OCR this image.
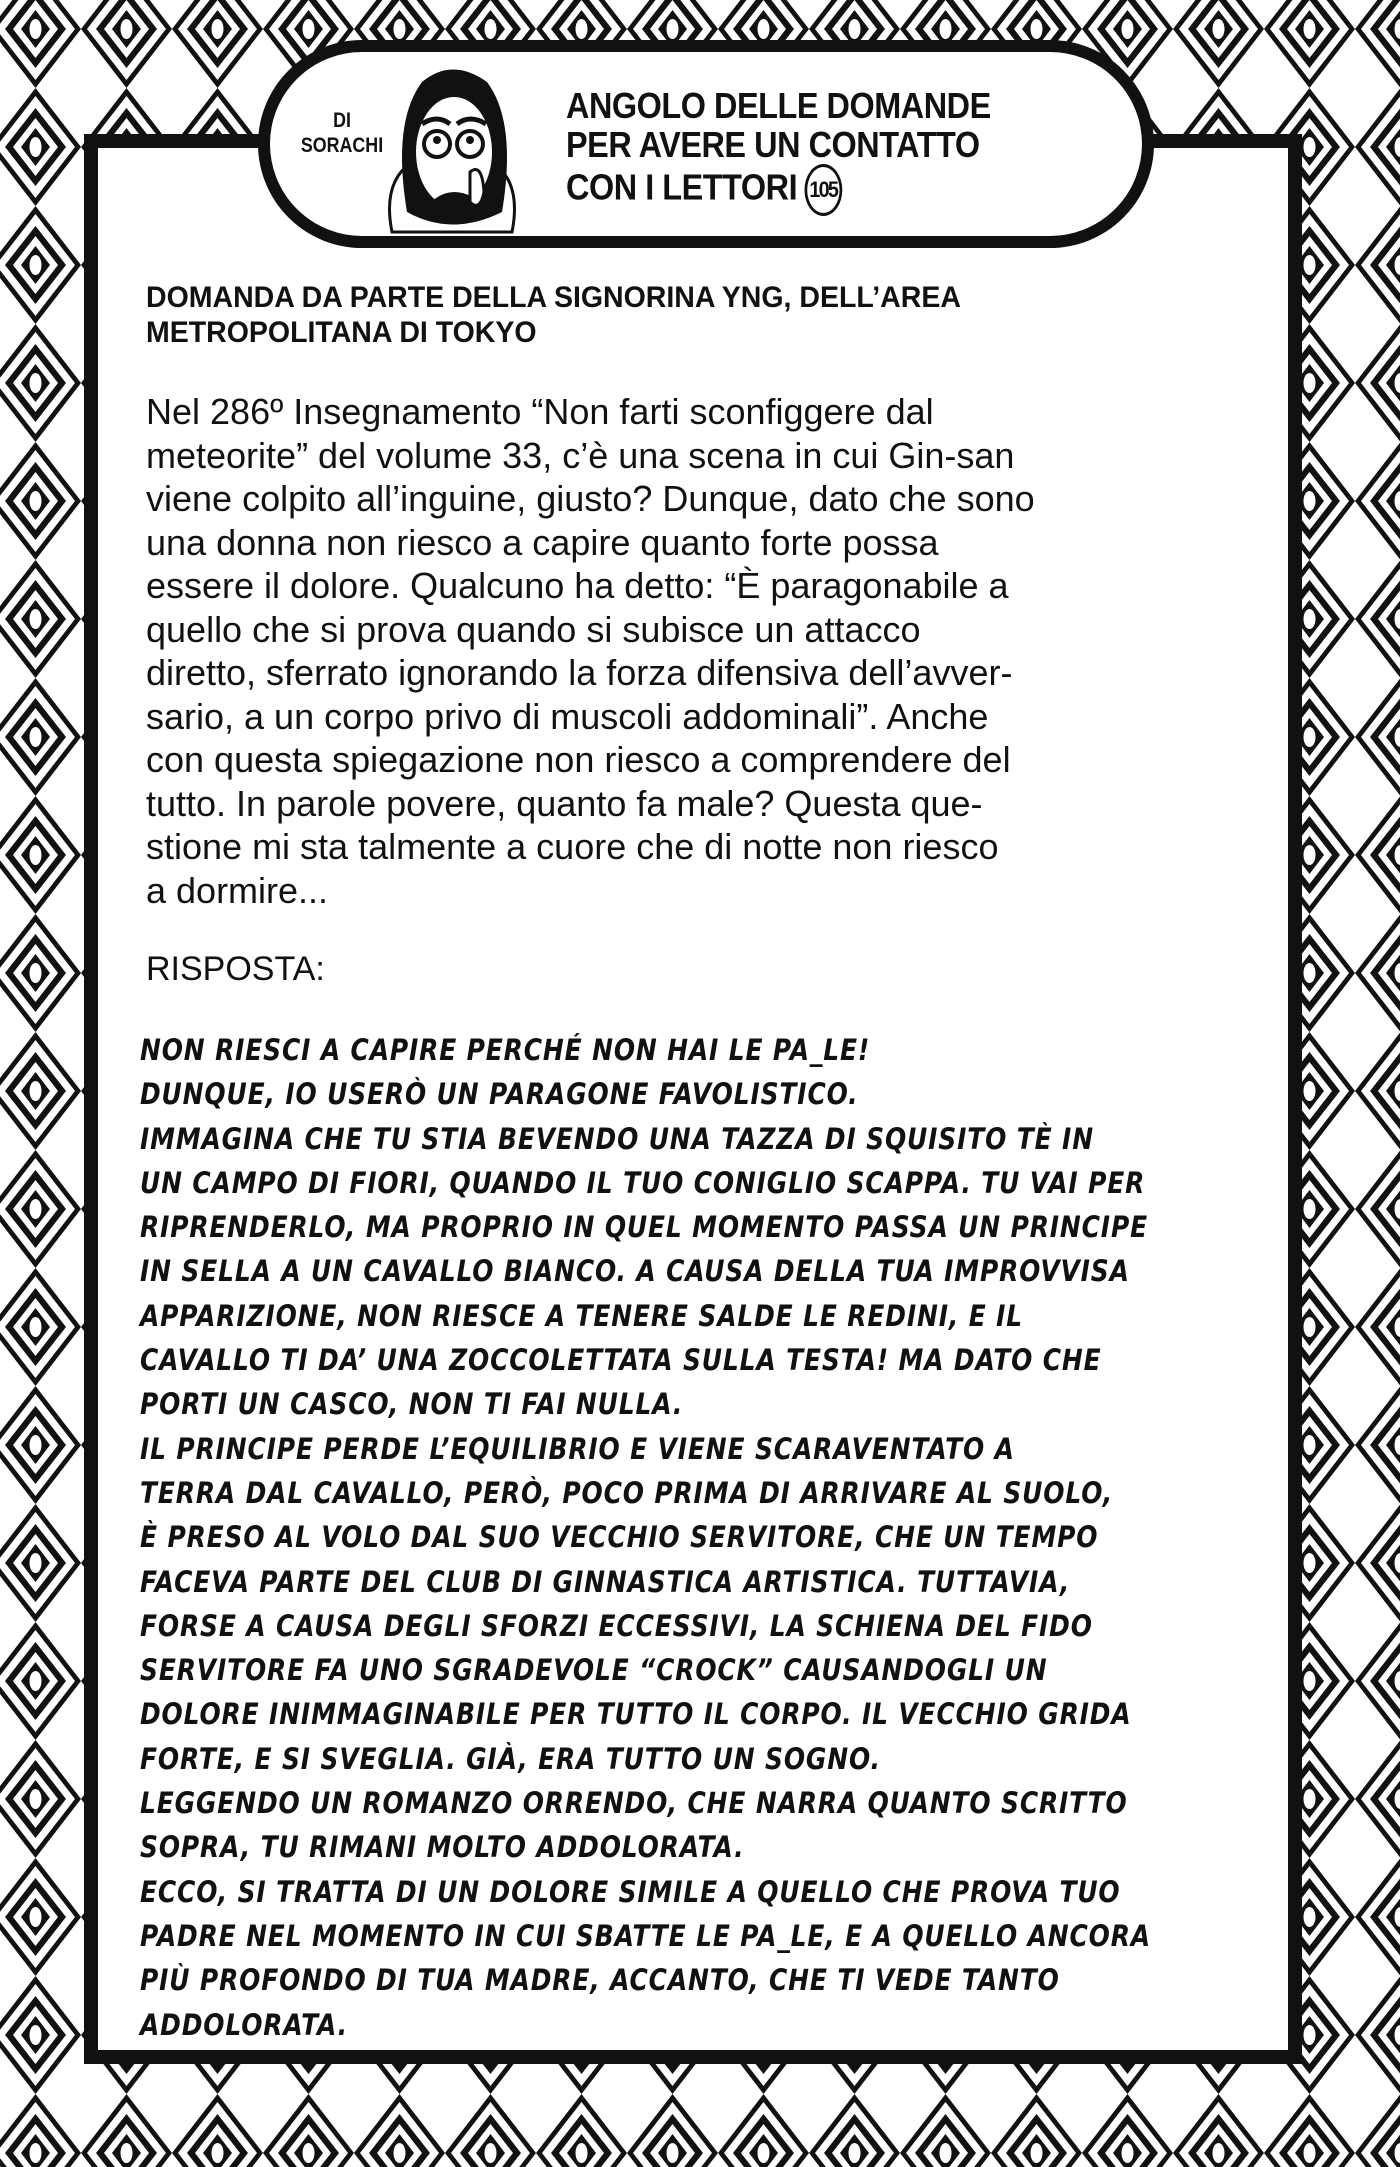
DI
SORACHI
ANGOLO DELLE DOMANDE
PER AVERE UN CONTATTO
CON I LETTORI 105
DOMANDA DA PARTE DELLA SIGNORINA YNG, DELL’AREA
METROPOLITANA DI TOKYO
Nel 286º Insegnamento “Non farti sconfiggere dal
meteorite” del volume 33, c’è una scena in cui Gin-san
viene colpito all’inguine, giusto? Dunque, dato che sono
una donna non riesco a capire quanto forte possa
essere il dolore. Qualcuno ha detto: “È paragonabile a
quello che si prova quando si subisce un attacco
diretto, sferrato ignorando la forza difensiva dell’avver-
sario, a un corpo privo di muscoli addominali”. Anche
con questa spiegazione non riesco a comprendere del
tutto. In parole povere, quanto fa male? Questa que-
stione mi sta talmente a cuore che di notte non riesco
a dormire...
RISPOSTA:
NON RIESCI A CAPIRE PERCHÉ NON HAI LE PA_LE!
DUNQUE, IO USERÒ UN PARAGONE FAVOLISTICO.
IMMAGINA CHE TU STIA BEVENDO UNA TAZZA DI SQUISITO TÈ IN
UN CAMPO DI FIORI, QUANDO IL TUO CONIGLIO SCAPPA. TU VAI PER
RIPRENDERLO, MA PROPRIO IN QUEL MOMENTO PASSA UN PRINCIPE
IN SELLA A UN CAVALLO BIANCO. A CAUSA DELLA TUA IMPROVVISA
APPARIZIONE, NON RIESCE A TENERE SALDE LE REDINI, E IL
CAVALLO TI DA’ UNA ZOCCOLETTATA SULLA TESTA! MA DATO CHE
PORTI UN CASCO, NON TI FAI NULLA.
IL PRINCIPE PERDE L’EQUILIBRIO E VIENE SCARAVENTATO A
TERRA DAL CAVALLO, PERÒ, POCO PRIMA DI ARRIVARE AL SUOLO,
È PRESO AL VOLO DAL SUO VECCHIO SERVITORE, CHE UN TEMPO
FACEVA PARTE DEL CLUB DI GINNASTICA ARTISTICA. TUTTAVIA,
FORSE A CAUSA DEGLI SFORZI ECCESSIVI, LA SCHIENA DEL FIDO
SERVITORE FA UNO SGRADEVOLE “CROCK” CAUSANDOGLI UN
DOLORE INIMMAGINABILE PER TUTTO IL CORPO. IL VECCHIO GRIDA
FORTE, E SI SVEGLIA. GIÀ, ERA TUTTO UN SOGNO.
LEGGENDO UN ROMANZO ORRENDO, CHE NARRA QUANTO SCRITTO
SOPRA, TU RIMANI MOLTO ADDOLORATA.
ECCO, SI TRATTA DI UN DOLORE SIMILE A QUELLO CHE PROVA TUO
PADRE NEL MOMENTO IN CUI SBATTE LE PA_LE, E A QUELLO ANCORA
PIÙ PROFONDO DI TUA MADRE, ACCANTO, CHE TI VEDE TANTO
ADDOLORATA.
